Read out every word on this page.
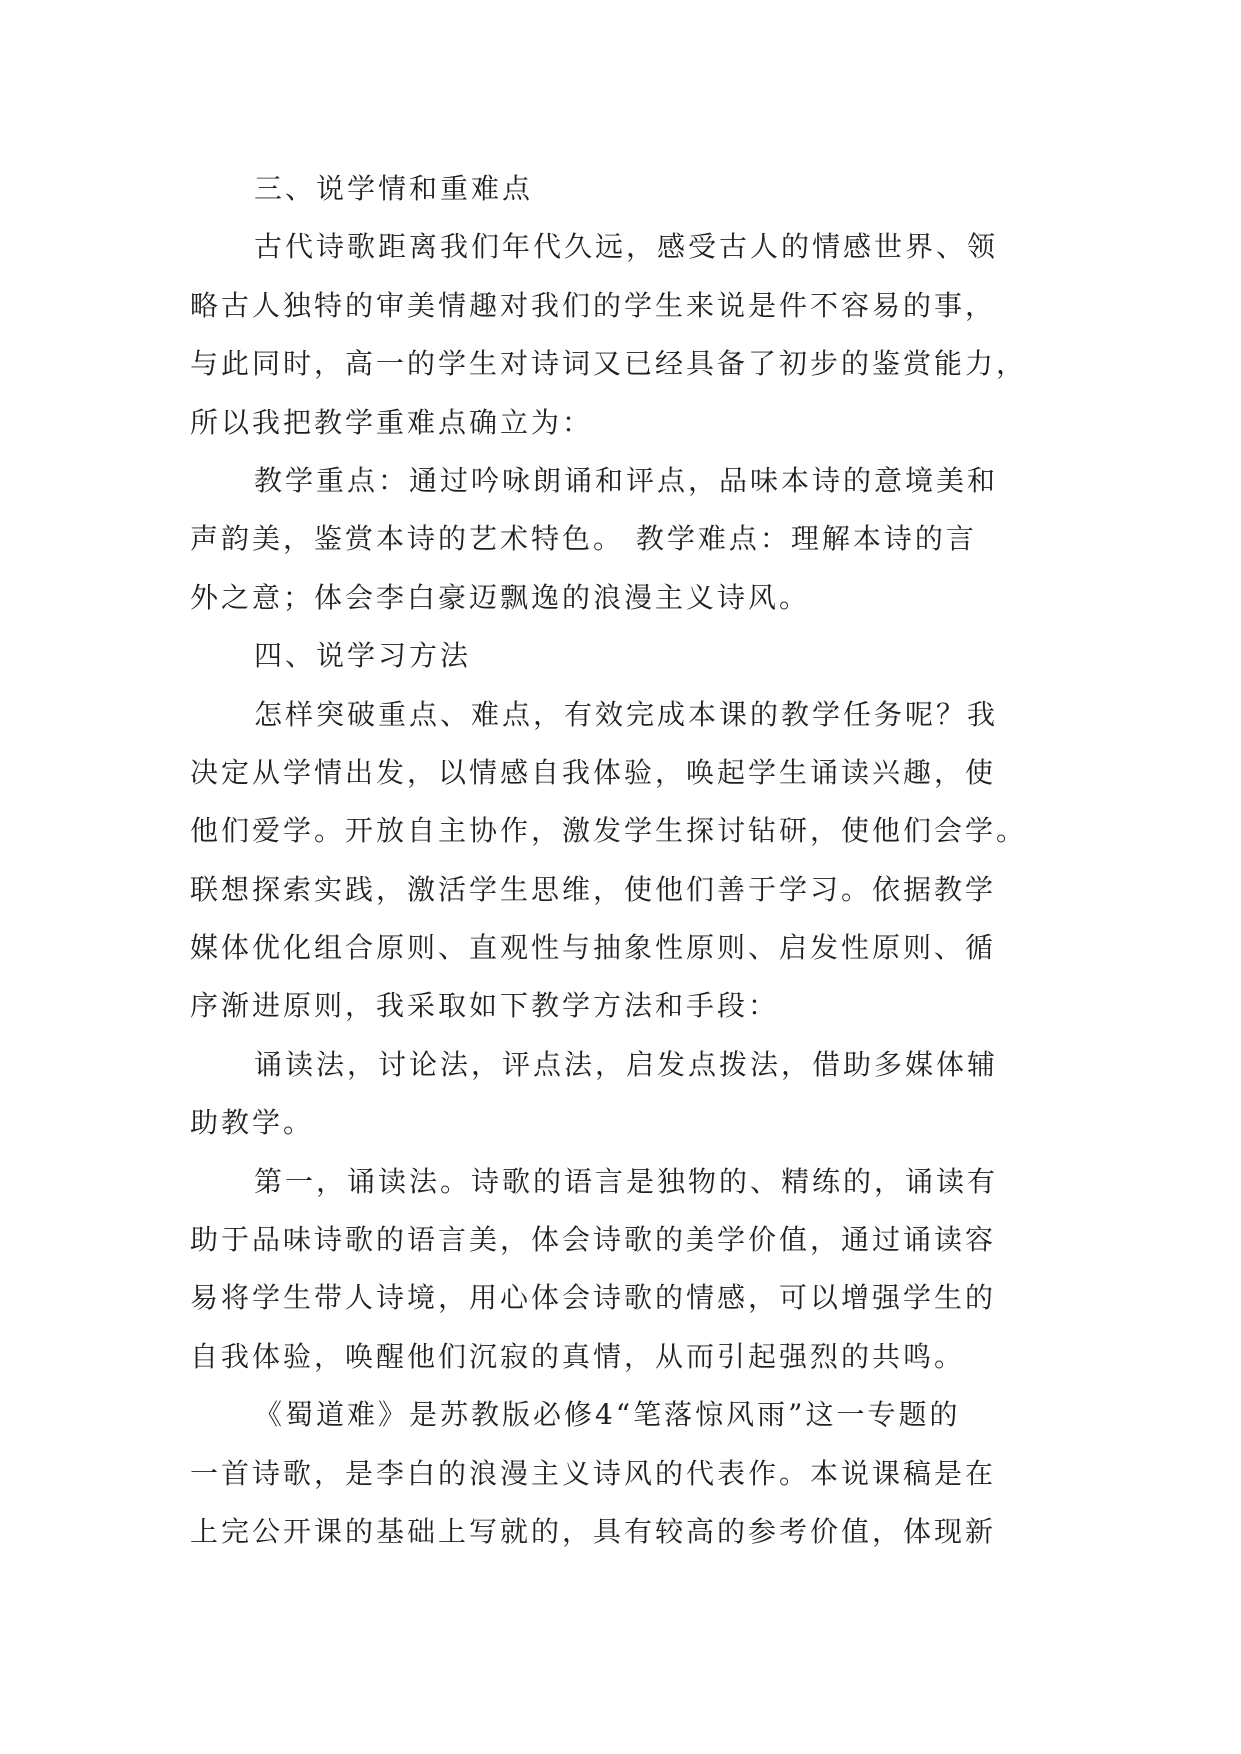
三、说学情和重难点
古代诗歌距离我们年代久远，感受古人的情感世界、领
略古人独特的审美情趣对我们的学生来说是件不容易的事，
与此同时，高一的学生对诗词又已经具备了初步的鉴赏能力，
所以我把教学重难点确立为：
教学重点：通过吟咏朗诵和评点，品味本诗的意境美和
声韵美，鉴赏本诗的艺术特色。 教学难点：理解本诗的言
外之意；体会李白豪迈飘逸的浪漫主义诗风。
四、说学习方法
怎样突破重点、难点，有效完成本课的教学任务呢？我
决定从学情出发，以情感自我体验，唤起学生诵读兴趣，使
他们爱学。开放自主协作，激发学生探讨钻研，使他们会学。
联想探索实践，激活学生思维，使他们善于学习。依据教学
媒体优化组合原则、直观性与抽象性原则、启发性原则、循
序渐进原则，我采取如下教学方法和手段：
诵读法，讨论法，评点法，启发点拨法，借助多媒体辅
助教学。
第一，诵读法。诗歌的语言是独物的、精练的，诵读有
助于品味诗歌的语言美，体会诗歌的美学价值，通过诵读容
易将学生带人诗境，用心体会诗歌的情感，可以增强学生的
自我体验，唤醒他们沉寂的真情，从而引起强烈的共鸣。
《蜀道难》是苏教版必修4“笔落惊风雨”这一专题的
一首诗歌，是李白的浪漫主义诗风的代表作。本说课稿是在
上完公开课的基础上写就的，具有较高的参考价值，体现新
